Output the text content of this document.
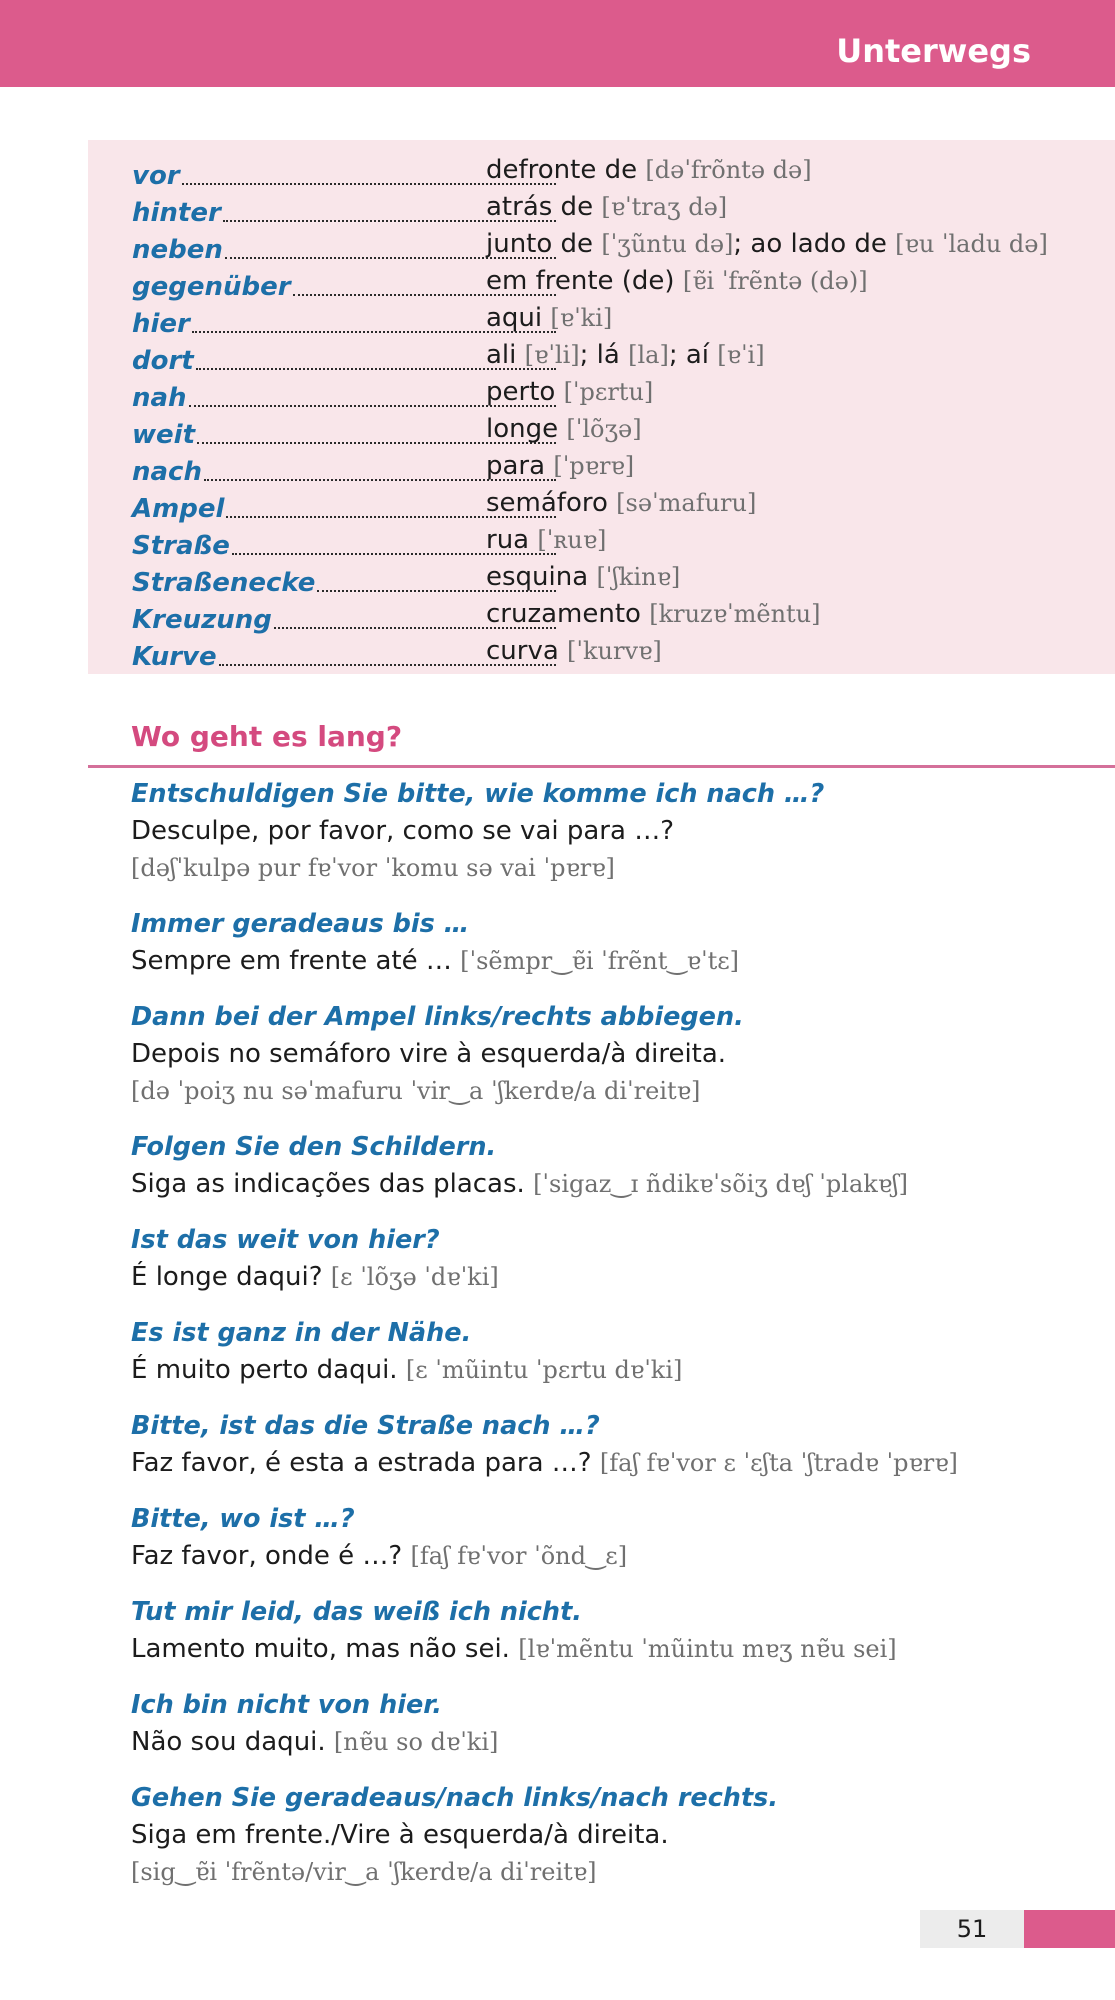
Unterwegs
vor	defronte de [dəˈfrõntə də]
hinter	atrás de [ɐˈtraʒ də]
neben	junto de [ˈʒũntu də]; ao lado de [ɐu ˈladu də]
gegenüber	em frente (de) [ɐ̃i ˈfrẽntə (də)]
hier	aqui [ɐˈki]
dort	ali [ɐˈli]; lá [la]; aí [ɐˈi]
nah	perto [ˈpɛrtu]
weit	longe [ˈlõʒə]
nach	para [ˈpɐrɐ]
Ampel	semáforo [səˈmafuru]
Straße	rua [ˈʀuɐ]
Straßenecke	esquina [ˈʃkinɐ]
Kreuzung	cruzamento [kruzɐˈmẽntu]
Kurve	curva [ˈkurvɐ]
Wo geht es lang?
Entschuldigen Sie bitte, wie komme ich nach …?
Desculpe, por favor, como se vai para …?
[dəʃˈkulpə pur fɐˈvor ˈkomu sə vai ˈpɐrɐ]
Immer geradeaus bis …
Sempre em frente até … [ˈsẽmpr‿ɐ̃i ˈfrẽnt‿ɐˈtɛ]
Dann bei der Ampel links/rechts abbiegen.
Depois no semáforo vire à esquerda/à direita.
[də ˈpoiʒ nu səˈmafuru ˈvir‿a ˈʃkerdɐ/a diˈreitɐ]
Folgen Sie den Schildern.
Siga as indicações das placas. [ˈsigaz‿ɪ ñdikɐˈsõiʒ dɐʃ ˈplakɐʃ]
Ist das weit von hier?
É longe daqui? [ɛ ˈlõʒə ˈdɐˈki]
Es ist ganz in der Nähe.
É muito perto daqui. [ɛ ˈmũintu ˈpɛrtu dɐˈki]
Bitte, ist das die Straße nach …?
Faz favor, é esta a estrada para …? [faʃ fɐˈvor ɛ ˈɛʃta ˈʃtradɐ ˈpɐrɐ]
Bitte, wo ist …?
Faz favor, onde é …? [faʃ fɐˈvor ˈõnd‿ɛ]
Tut mir leid, das weiß ich nicht.
Lamento muito, mas não sei. [lɐˈmẽntu ˈmũintu mɐʒ nɐ̃u sei]
Ich bin nicht von hier.
Não sou daqui. [nɐ̃u so dɐˈki]
Gehen Sie geradeaus/nach links/nach rechts.
Siga em frente./Vire à esquerda/à direita.
[sig‿ɐ̃i ˈfrẽntə/vir‿a ˈʃkerdɐ/a diˈreitɐ]
51
